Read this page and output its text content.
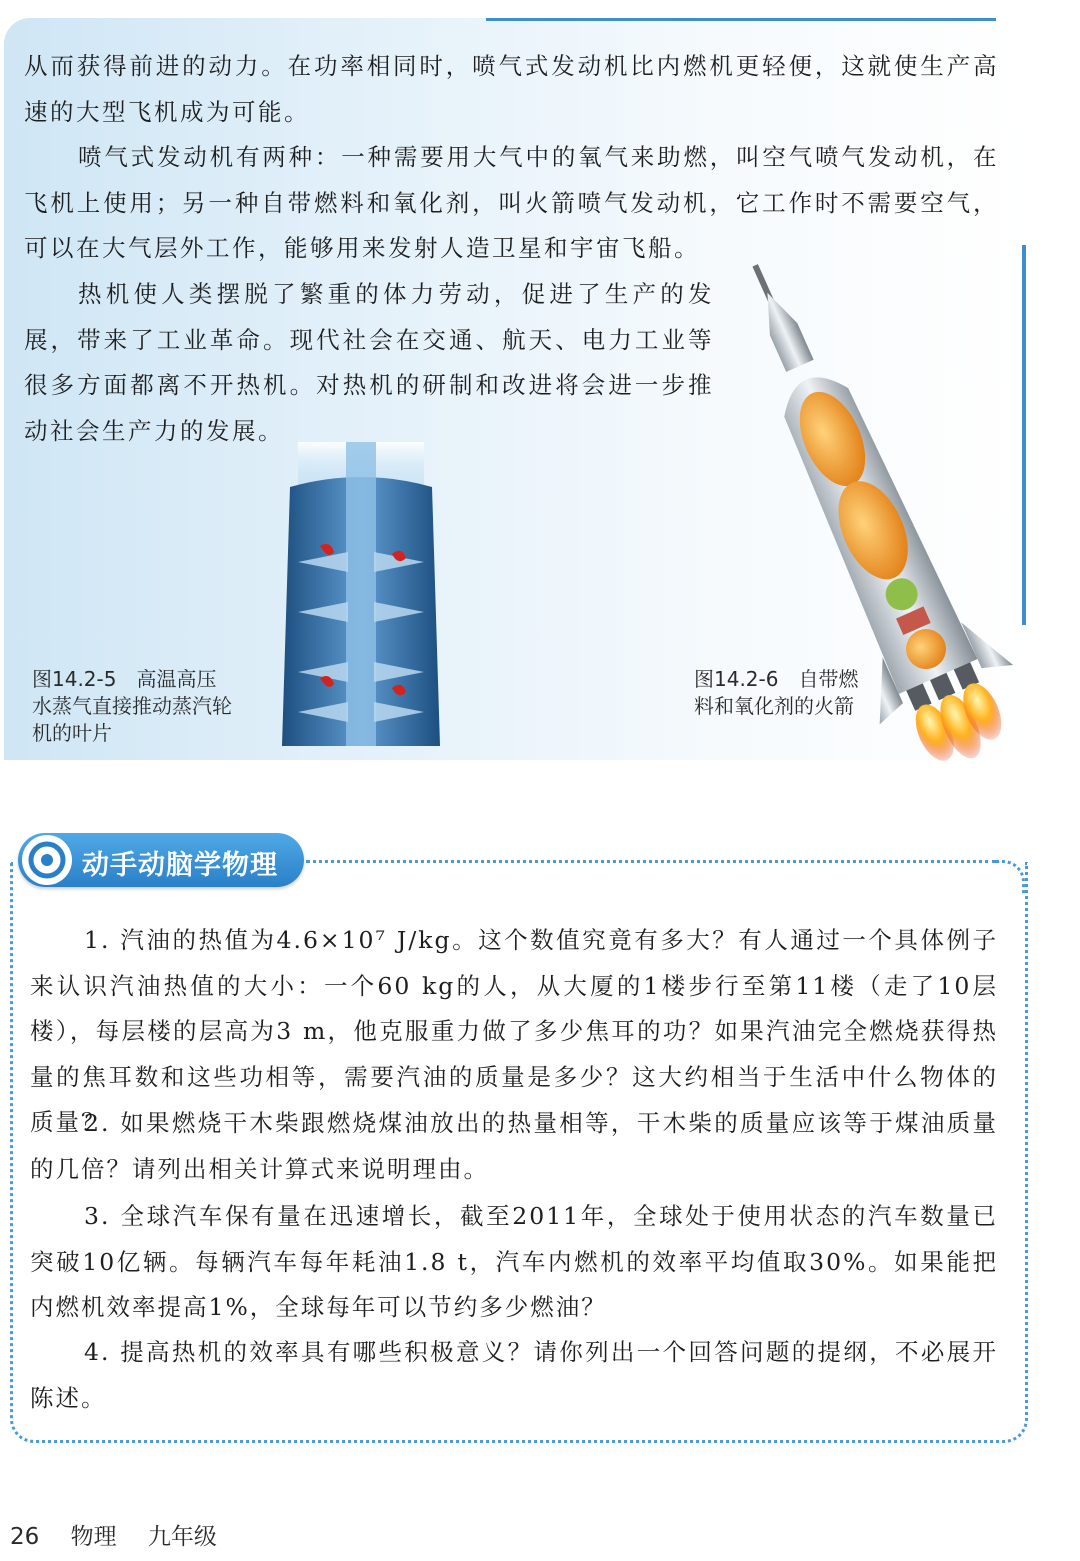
从而获得前进的动力。在功率相同时，喷气式发动机比内燃机更轻便，这就使生产高速的大型飞机成为可能。

喷气式发动机有两种：一种需要用大气中的氧气来助燃，叫空气喷气发动机，在飞机上使用；另一种自带燃料和氧化剂，叫火箭喷气发动机，它工作时不需要空气，可以在大气层外工作，能够用来发射人造卫星和宇宙飞船。

热机使人类摆脱了繁重的体力劳动，促进了生产的发展，带来了工业革命。现代社会在交通、航天、电力工业等很多方面都离不开热机。对热机的研制和改进将会进一步推动社会生产力的发展。

图14.2-5　高温高压水蒸气直接推动蒸汽轮机的叶片

图14.2-6　自带燃料和氧化剂的火箭

动手动脑学物理

1. 汽油的热值为4.6×10⁷ J/kg。这个数值究竟有多大？有人通过一个具体例子来认识汽油热值的大小：一个60 kg的人，从大厦的1楼步行至第11楼（走了10层楼），每层楼的层高为3 m，他克服重力做了多少焦耳的功？如果汽油完全燃烧获得热量的焦耳数和这些功相等，需要汽油的质量是多少？这大约相当于生活中什么物体的质量？

2. 如果燃烧干木柴跟燃烧煤油放出的热量相等，干木柴的质量应该等于煤油质量的几倍？请列出相关计算式来说明理由。

3. 全球汽车保有量在迅速增长，截至2011年，全球处于使用状态的汽车数量已突破10亿辆。每辆汽车每年耗油1.8 t，汽车内燃机的效率平均值取30%。如果能把内燃机效率提高1%，全球每年可以节约多少燃油？

4. 提高热机的效率具有哪些积极意义？请你列出一个回答问题的提纲，不必展开陈述。

26 物理 九年级
